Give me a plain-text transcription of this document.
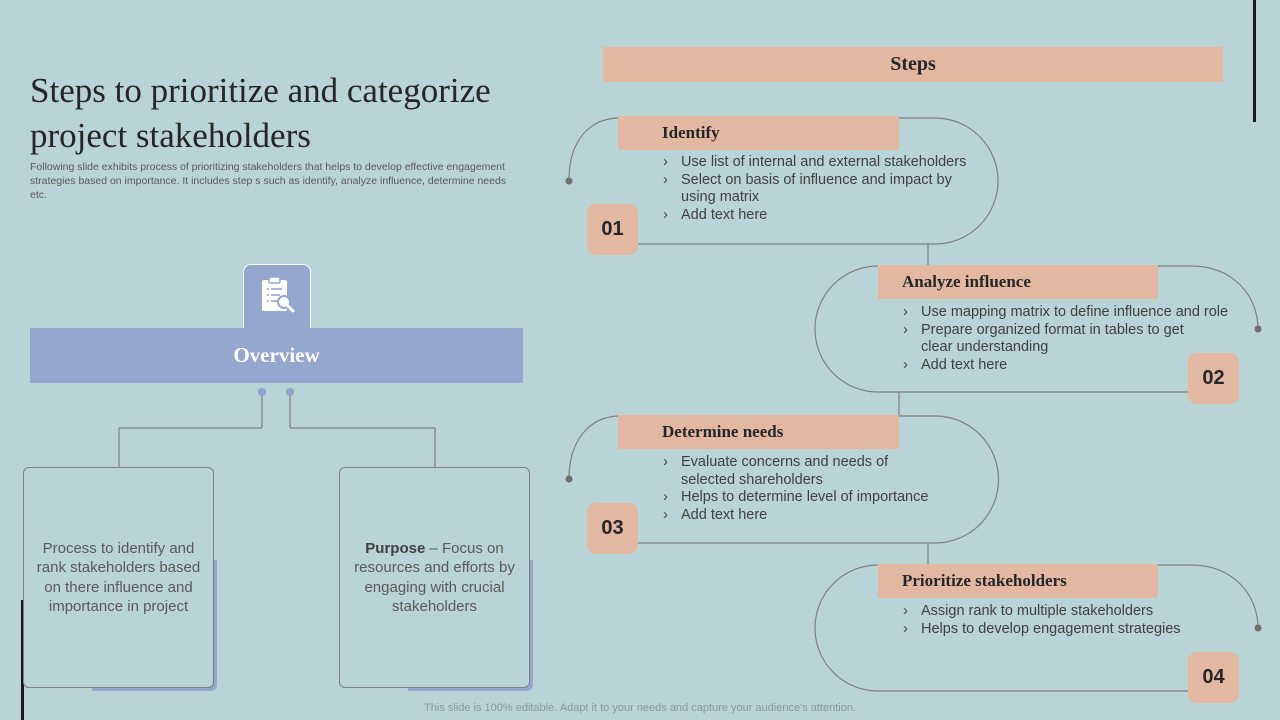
Steps to prioritize and categorize project stakeholders
Following slide exhibits process of prioritizing stakeholders that helps to develop effective engagement strategies based on importance. It includes step s such as identify, analyze influence, determine needs etc.
Overview
Process to identify and rank stakeholders based on there influence and importance in project
Purpose – Focus on resources and efforts by engaging with crucial stakeholders
Steps
Identify
› Use list of internal and external stakeholders
› Select on basis of influence and impact by using matrix
› Add text here
01
Analyze influence
› Use mapping matrix to define influence and role
› Prepare organized format in tables to get clear understanding
› Add text here
02
Determine needs
› Evaluate concerns and needs of selected shareholders
› Helps to determine level of importance
› Add text here
03
Prioritize stakeholders
› Assign rank to multiple stakeholders
› Helps to develop engagement strategies
04
This slide is 100% editable. Adapt it to your needs and capture your audience's attention.
